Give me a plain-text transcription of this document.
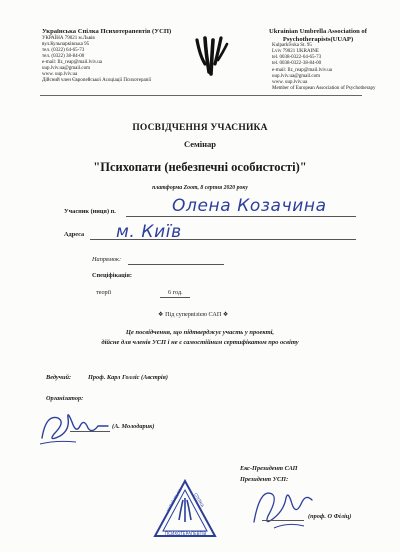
Українська Спілка Психотерапевтів (УСП)
УКРАЇНА 79021 м.Львів
вул.Кульпарківська 95
тел. (0322) 64-65-73
тел. (0322) 38-84-00
e-mail: Ilz_reap@mail.lviv.ua
uup.lviv.ua@gmail.com
www. uup.lviv.ua
Дійсний член Європейської Асоціації Психотерапії
Ukrainian Umbrella Association of Psychotherapists(UUAP)
Kulparkivska St. 95
Lviv 79021 UKRAINE
tel. 0038-0322-64-65-73
tel. 0038-0322-38-84-00
e-mail: Ilz_reap@mail.lviv.ua
uup.lviv.ua@gmail.com
www. uup.lviv.ua
Member of European Association of Psychotherapy
ПОСВІДЧЕННЯ УЧАСНИКА
Семінар
"Психопати (небезпечні особистості)"
платформа Zoom, 8 серпня 2020 року
Учасник (ниця) п.	Олена Козачина
Адреса м. Київ
Напрямок:
Спеціфікація:
теорії	6 год.
❖ Під супервізією САП ❖
Це посвідчення, що підтверджує участь у проекті,
дійсне для членів УСП і не є самостійним сертифікатом про освіту
Ведучий:	Проф. Карл Голліс (Австрія)
Організатор:
(А. Молодарик)
Екс-Президент САП
Президент УСП:
(проф. О Філіц)
УКРАЇНСЬКА	СПІЛКА
ПСИХОТЕРАПЕВТІВ
